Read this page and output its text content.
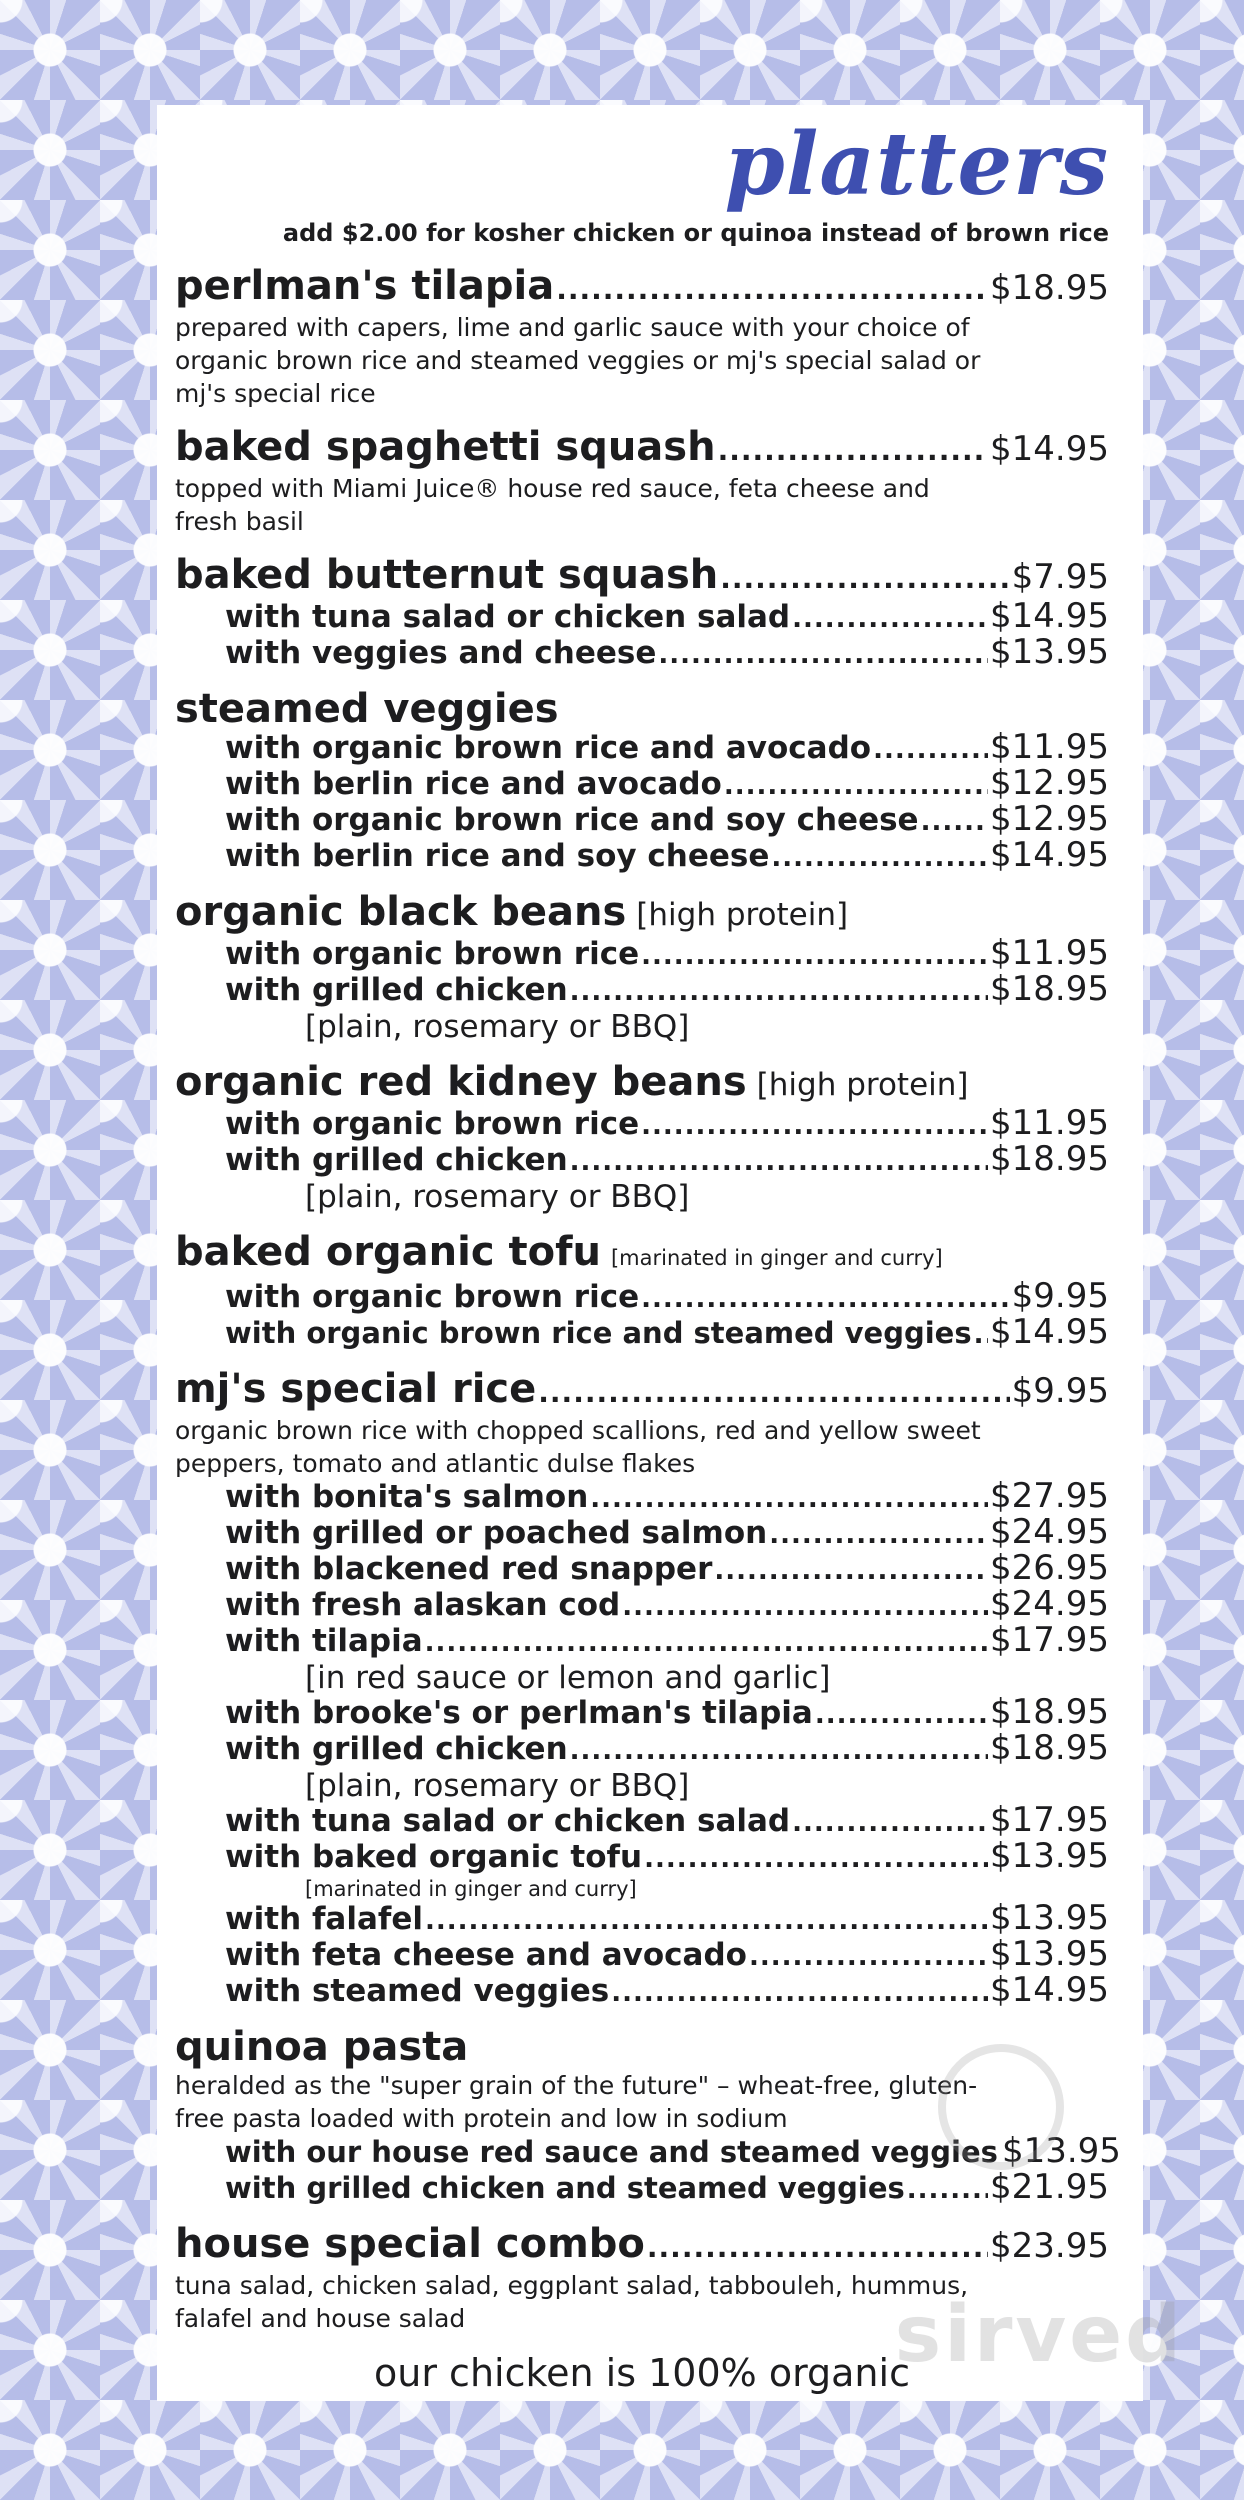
platters
add $2.00 for kosher chicken or quinoa instead of brown rice
perlman's tilapia .....	$18.95
prepared with capers, lime and garlic sauce with your choice of organic brown rice and steamed veggies or mj's special salad or mj's special rice
baked spaghetti squash .....	$14.95
topped with Miami Juice® house red sauce, feta cheese and fresh basil
baked butternut squash .....	$7.95
with tuna salad or chicken salad .....	$14.95
with veggies and cheese .....	$13.95
steamed veggies
with organic brown rice and avocado .....	$11.95
with berlin rice and avocado .....	$12.95
with organic brown rice and soy cheese ..... $12.95
with berlin rice and soy cheese .....	$14.95
organic black beans [high protein]
with organic brown rice .....	$11.95
with grilled chicken .....	$18.95
[plain, rosemary or BBQ]
organic red kidney beans [high protein]
with organic brown rice .....	$11.95
with grilled chicken .....	$18.95
[plain, rosemary or BBQ]
baked organic tofu [marinated in ginger and curry]
with organic brown rice .....	$9.95
with organic brown rice and steamed veggies ..... $14.95
mj's special rice .....	$9.95
organic brown rice with chopped scallions, red and yellow sweet peppers, tomato and atlantic dulse flakes
with bonita's salmon .....	$27.95
with grilled or poached salmon .....	$24.95
with blackened red snapper .....	$26.95
with fresh alaskan cod .....	$24.95
with tilapia .....	$17.95
[in red sauce or lemon and garlic]
with brooke's or perlman's tilapia .....	$18.95
with grilled chicken .....	$18.95
[plain, rosemary or BBQ]
with tuna salad or chicken salad .....	$17.95
with baked organic tofu .....	$13.95
[marinated in ginger and curry]
with falafel .....	$13.95
with feta cheese and avocado .....	$13.95
with steamed veggies .....	$14.95
quinoa pasta
heralded as the "super grain of the future" – wheat-free, gluten-free pasta loaded with protein and low in sodium
with our house red sauce and steamed veggies $13.95
with grilled chicken and steamed veggies .....	$21.95
house special combo .....	$23.95
tuna salad, chicken salad, eggplant salad, tabbouleh, hummus, falafel and house salad
our chicken is 100% organic
sirved
